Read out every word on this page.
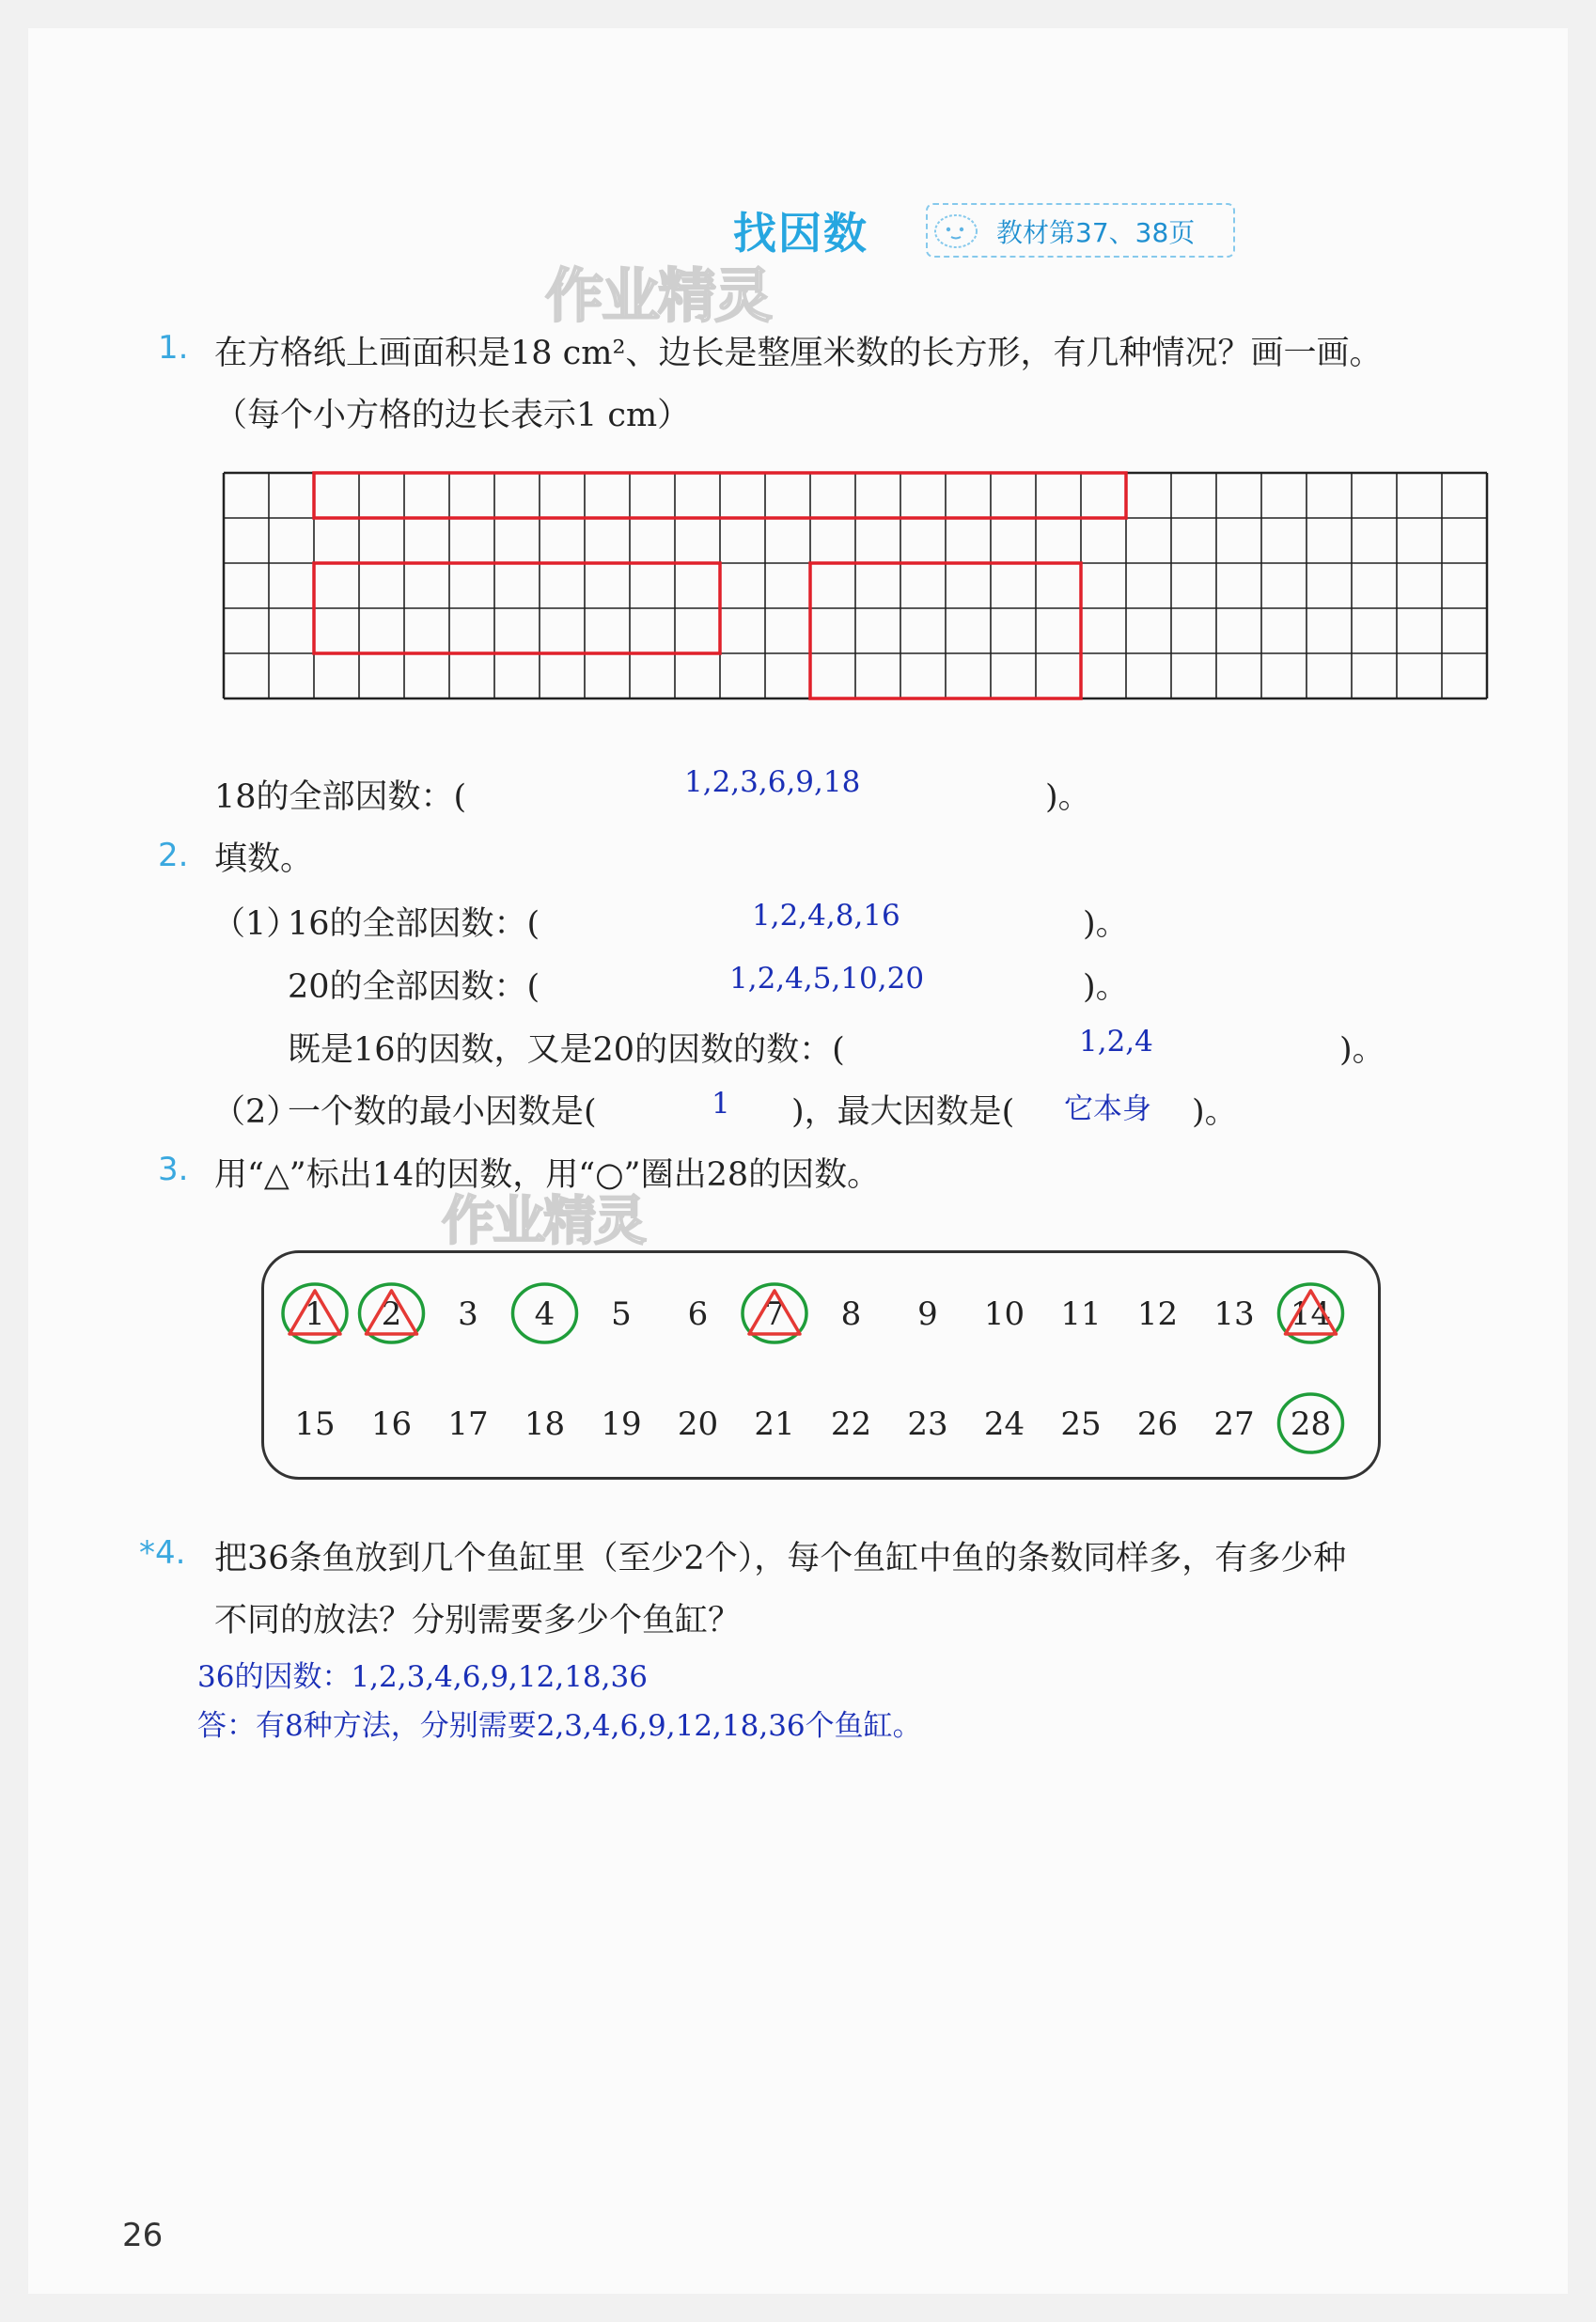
找因数	教材第37、38页
作业精灵
1. 在方格纸上画面积是18 cm²、边长是整厘米数的长方形，有几种情况？画一画。
（每个小方格的边长表示1 cm）
18的全部因数：(	1,2,3,6,9,18	)。
2. 填数。
（1）
16的全部因数：(	1,2,4,8,16	)。
20的全部因数：(	1,2,4,5,10,20	)。
既是16的因数，又是20的因数的数：(	1,2,4	)。
（2）
一个数的最小因数是(	1 )，最大因数是( 它本身 )。
3. 用“△”标出14的因数，用“○”圈出28的因数。
1 2 3 4 5 6 7 8 9 10 11 12 13 14
15 16 17 18 19 20 21 22 23 24 25 26 27 28
*4. 把36条鱼放到几个鱼缸里（至少2个），每个鱼缸中鱼的条数同样多，有多少种
不同的放法？分别需要多少个鱼缸？
36的因数：1,2,3,4,6,9,12,18,36
答：有8种方法，分别需要2,3,4,6,9,12,18,36个鱼缸。
作业精灵
26
